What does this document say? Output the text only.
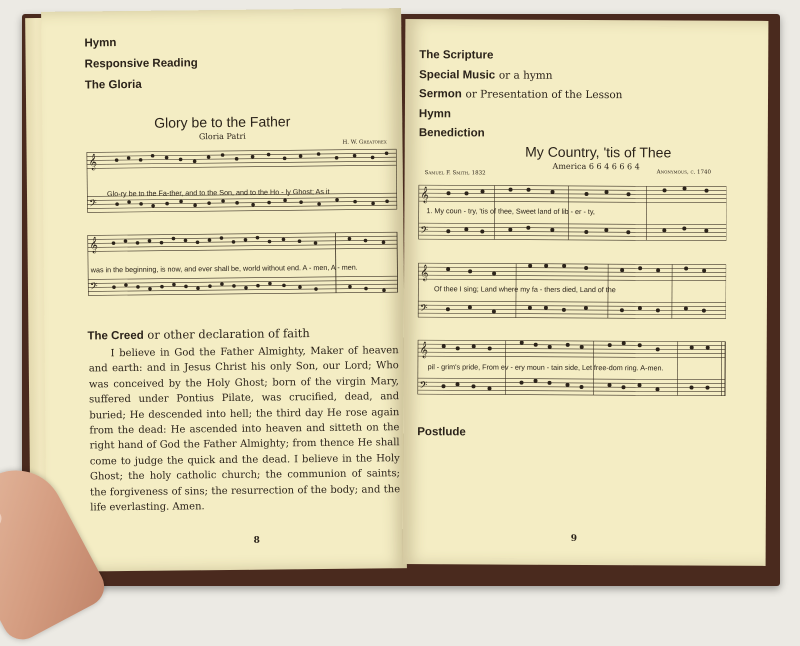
Hymn
Responsive Reading
The Gloria
Glory be to the Father
Gloria Patri
H. W. Greatorex
𝄞
𝄢
Glo-ry be to the Fa-ther, and to the Son, and to the Ho - ly Ghost; As it
𝄞
𝄢
was in the beginning, is now, and ever shall be, world without end. A - men, A - men.
The Creed or other declaration of faith
I believe in God the Father Almighty, Maker of heaven and earth: and in Jesus Christ his only Son, our Lord; Who was conceived by the Holy Ghost; born of the virgin Mary, suffered under Pontius Pilate, was crucified, dead, and buried; He descended into hell; the third day He rose again from the dead: He ascended into heaven and sitteth on the right hand of God the Father Almighty; from thence He shall come to judge the quick and the dead. I believe in the Holy Ghost; the holy catholic church; the communion of saints; the forgiveness of sins; the resurrection of the body; and the life everlasting. Amen.
8
The Scripture
Special Music or a hymn
Sermon or Presentation of the Lesson
Hymn
Benediction
My Country, 'tis of Thee
America 6 6 4 6 6 6 4
Samuel F. Smith, 1832	Anonymous, c. 1740
𝄞
𝄢
1. My coun - try, 'tis of thee, Sweet land of lib - er - ty,
𝄞
𝄢
Of thee I sing; Land where my fa - thers died, Land of the
𝄞
𝄢
pil - grim's pride, From ev - ery moun - tain side, Let free-dom ring. A-men.
Postlude
9
